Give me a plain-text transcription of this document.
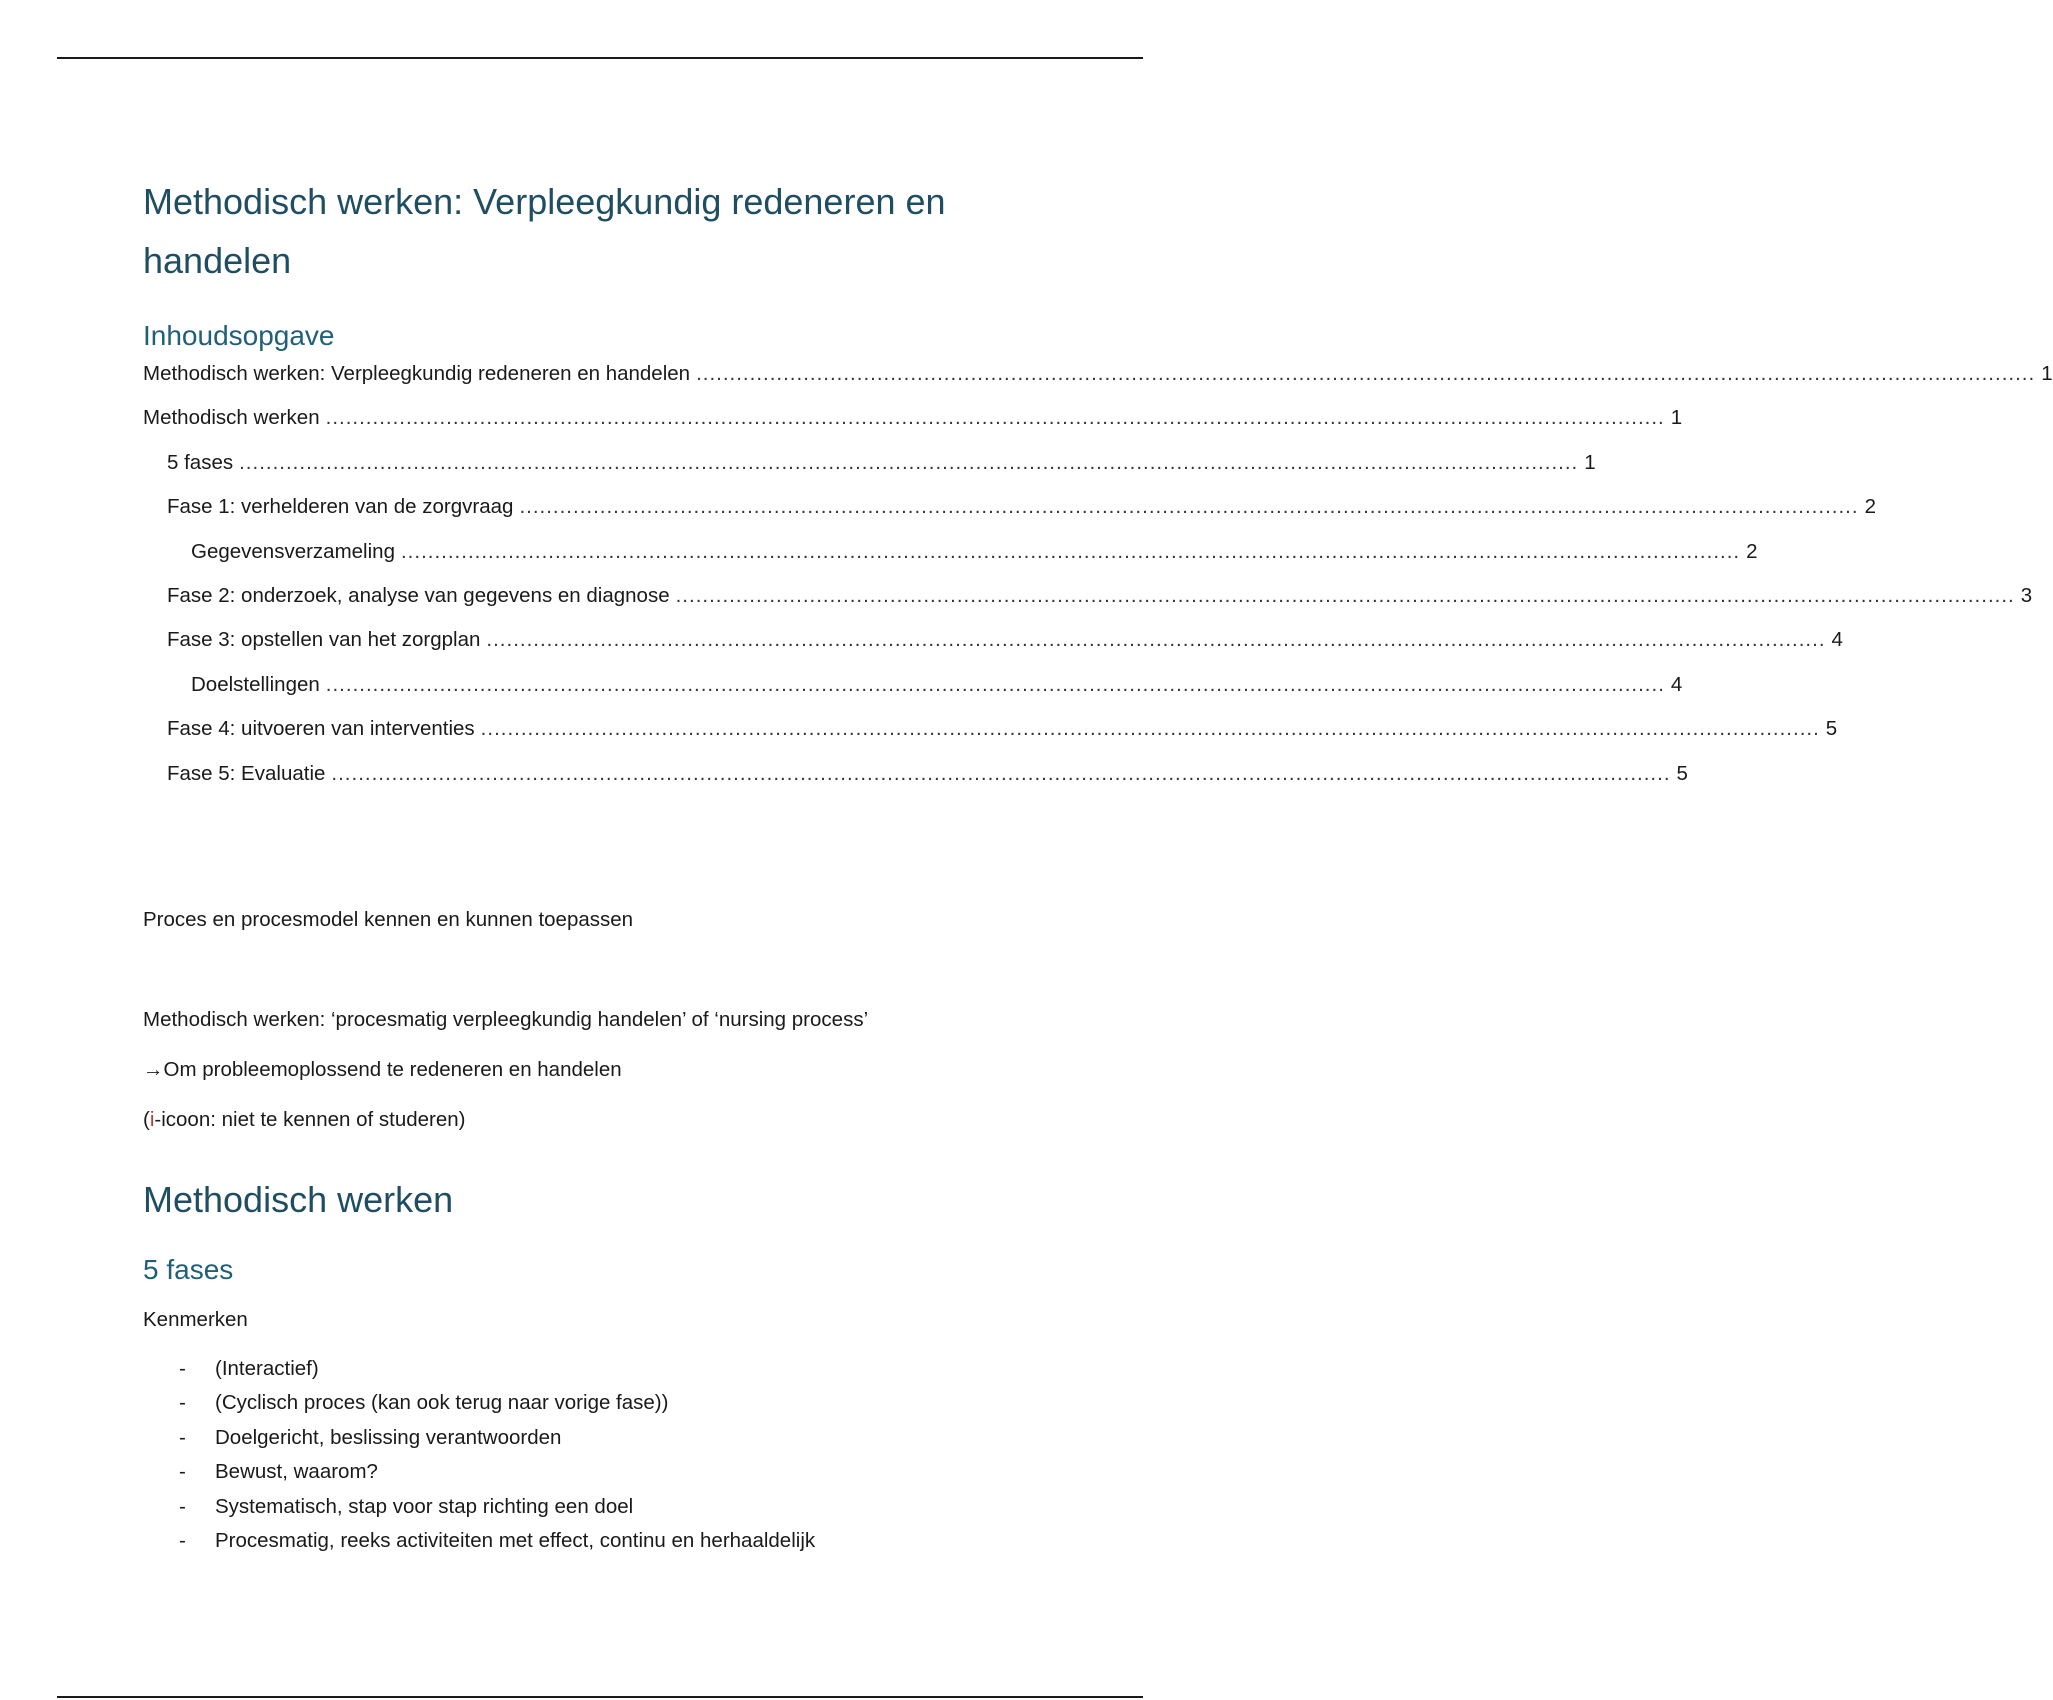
Methodisch werken: Verpleegkundig redeneren en handelen
Inhoudsopgave
Methodisch werken: Verpleegkundig redeneren en handelen ........................................................................................................................................................................................................ 1
Methodisch werken ........................................................................................................................................................................................................ 1
5 fases ........................................................................................................................................................................................................ 1
Fase 1: verhelderen van de zorgvraag ........................................................................................................................................................................................................ 2
Gegevensverzameling ........................................................................................................................................................................................................ 2
Fase 2: onderzoek, analyse van gegevens en diagnose ........................................................................................................................................................................................................ 3
Fase 3: opstellen van het zorgplan ........................................................................................................................................................................................................ 4
Doelstellingen ........................................................................................................................................................................................................ 4
Fase 4: uitvoeren van interventies ........................................................................................................................................................................................................ 5
Fase 5: Evaluatie ........................................................................................................................................................................................................ 5

Proces en procesmodel kennen en kunnen toepassen

Methodisch werken: ‘procesmatig verpleegkundig handelen’ of ‘nursing process’

→Om probleemoplossend te redeneren en handelen

(i-icoon: niet te kennen of studeren)

Methodisch werken
5 fases

Kenmerken

- (Interactief)
- (Cyclisch proces (kan ook terug naar vorige fase))
- Doelgericht, beslissing verantwoorden
- Bewust, waarom?
- Systematisch, stap voor stap richting een doel
- Procesmatig, reeks activiteiten met effect, continu en herhaaldelijk
